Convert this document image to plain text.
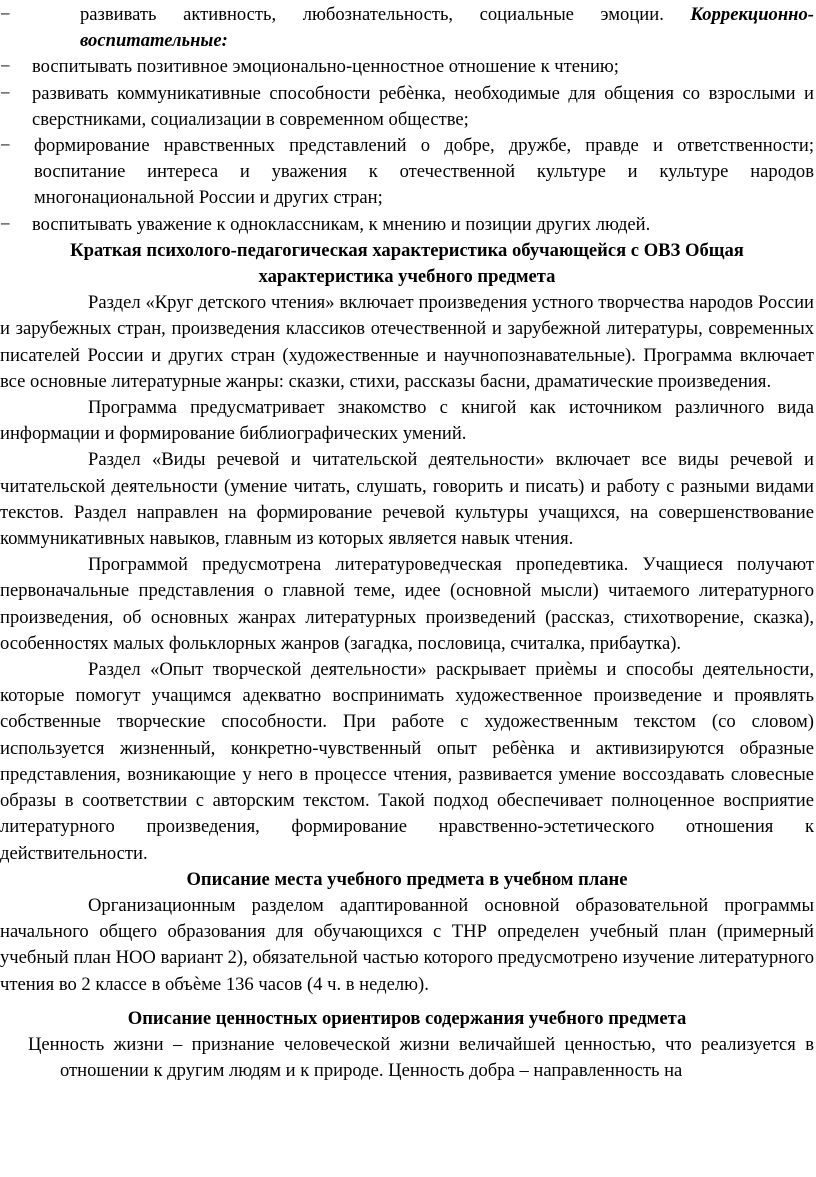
−	развивать активность, любознательность, социальные эмоции. Коррекционно-воспитательные:

− воспитывать позитивное эмоционально-ценностное отношение к чтению;

− развивать коммуникативные способности ребѐнка, необходимые для общения со взрослыми и сверстниками, социализации в современном обществе;

− формирование нравственных представлений о добре, дружбе, правде и ответственности; воспитание интереса и уважения к отечественной культуре и культуре народов многонациональной России и других стран;

− воспитывать уважение к одноклассникам, к мнению и позиции других людей.

Краткая психолого-педагогическая характеристика обучающейся с ОВЗ Общая характеристика учебного предмета

Раздел «Круг детского чтения» включает произведения устного творчества народов России и зарубежных стран, произведения классиков отечественной и зарубежной литературы, современных писателей России и других стран (художественные и научнопознавательные). Программа включает все основные литературные жанры: сказки, стихи, рассказы басни, драматические произведения.

Программа предусматривает знакомство с книгой как источником различного вида информации и формирование библиографических умений.

Раздел «Виды речевой и читательской деятельности» включает все виды речевой и читательской деятельности (умение читать, слушать, говорить и писать) и работу с разными видами текстов. Раздел направлен на формирование речевой культуры учащихся, на совершенствование коммуникативных навыков, главным из которых является навык чтения.

Программой предусмотрена литературоведческая пропедевтика. Учащиеся получают первоначальные представления о главной теме, идее (основной мысли) читаемого литературного произведения, об основных жанрах литературных произведений (рассказ, стихотворение, сказка), особенностях малых фольклорных жанров (загадка, пословица, считалка, прибаутка).

Раздел «Опыт творческой деятельности» раскрывает приѐмы и способы деятельности, которые помогут учащимся адекватно воспринимать художественное произведение и проявлять собственные творческие способности. При работе с художественным текстом (со словом) используется жизненный, конкретно-чувственный опыт ребѐнка и активизируются образные представления, возникающие у него в процессе чтения, развивается умение воссоздавать словесные образы в соответствии с авторским текстом. Такой подход обеспечивает полноценное восприятие литературного произведения, формирование нравственно-эстетического отношения к действительности.

Описание места учебного предмета в учебном плане

Организационным разделом адаптированной основной образовательной программы начального общего образования для обучающихся с ТНР определен учебный план (примерный учебный план НОО вариант 2), обязательной частью которого предусмотрено изучение литературного чтения во 2 классе в объѐме 136 часов (4 ч. в неделю).

Описание ценностных ориентиров содержания учебного предмета

Ценность жизни – признание человеческой жизни величайшей ценностью, что реализуется в отношении к другим людям и к природе. Ценность добра – направленность на
